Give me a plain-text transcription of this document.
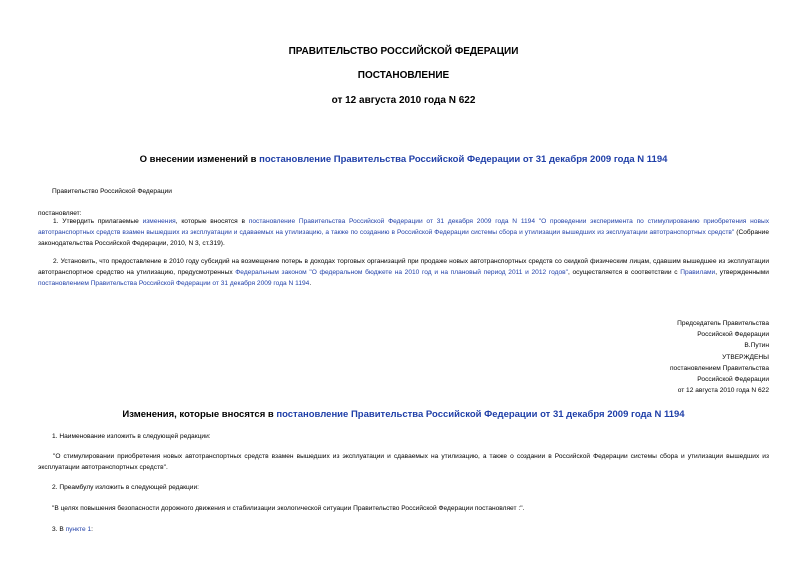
ПРАВИТЕЛЬСТВО РОССИЙСКОЙ ФЕДЕРАЦИИ
ПОСТАНОВЛЕНИЕ
от 12 августа 2010 года N 622
О внесении изменений в постановление Правительства Российской Федерации от 31 декабря 2009 года N 1194
Правительство Российской Федерации
постановляет:
1. Утвердить прилагаемые изменения, которые вносятся в постановление Правительства Российской Федерации от 31 декабря 2009 года N 1194 "О проведении эксперимента по стимулированию приобретения новых автотранспортных средств взамен вышедших из эксплуатации и сдаваемых на утилизацию, а также по созданию в Российской Федерации системы сбора и утилизации вышедших из эксплуатации автотранспортных средств" (Собрание законодательства Российской Федерации, 2010, N 3, ст.319).
2. Установить, что предоставление в 2010 году субсидий на возмещение потерь в доходах торговых организаций при продаже новых автотранспортных средств со скидкой физическим лицам, сдавшим вышедшее из эксплуатации автотранспортное средство на утилизацию, предусмотренных Федеральным законом "О федеральном бюджете на 2010 год и на плановый период 2011 и 2012 годов", осуществляется в соответствии с Правилами, утвержденными постановлением Правительства Российской Федерации от 31 декабря 2009 года N 1194.
Председатель Правительства
Российской Федерации
В.Путин
УТВЕРЖДЕНЫ
постановлением Правительства
Российской Федерации
от 12 августа 2010 года N 622
Изменения, которые вносятся в постановление Правительства Российской Федерации от 31 декабря 2009 года N 1194
1. Наименование изложить в следующей редакции:
"О стимулировании приобретения новых автотранспортных средств взамен вышедших из эксплуатации и сдаваемых на утилизацию, а также о создании в Российской Федерации системы сбора и утилизации вышедших из эксплуатации автотранспортных средств".
2. Преамбулу изложить в следующей редакции:
"В целях повышения безопасности дорожного движения и стабилизации экологической ситуации Правительство Российской Федерации постановляет :".
3. В пункте 1:
